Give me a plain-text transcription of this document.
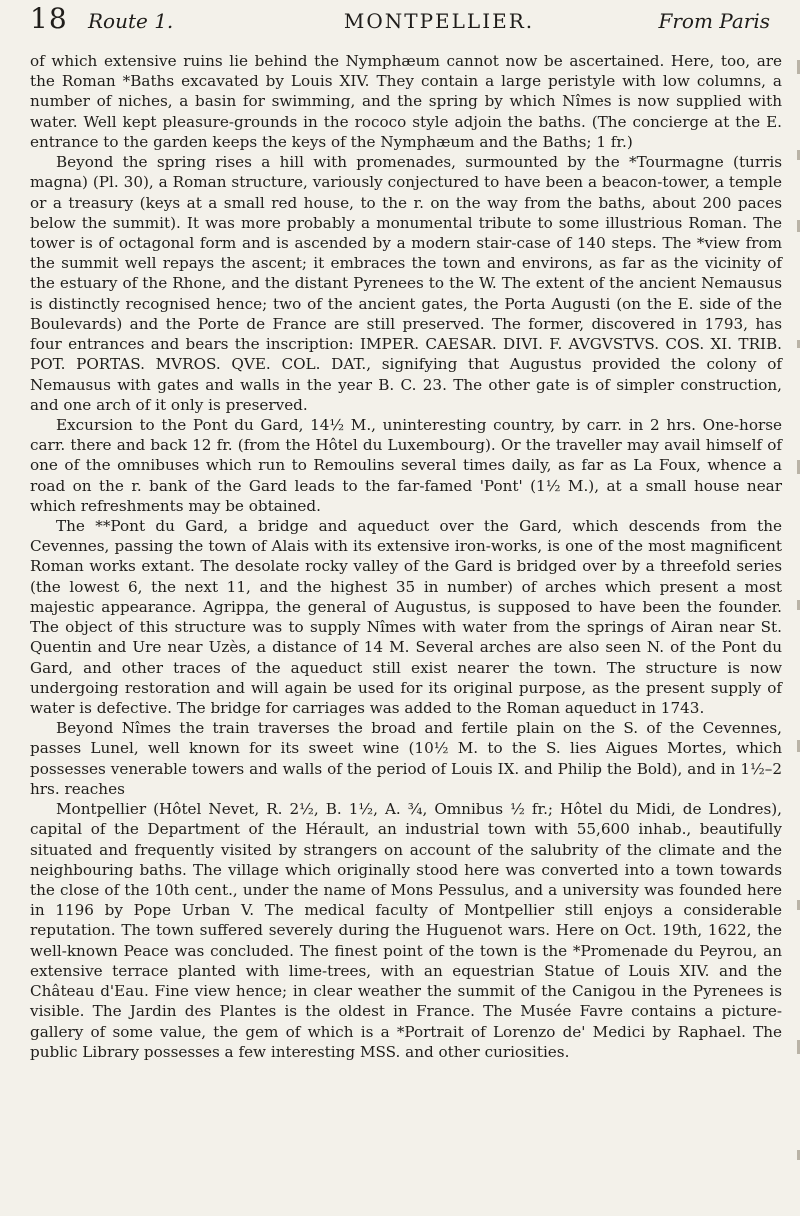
18	Route 1.	MONTPELLIER.	From Paris

of which extensive ruins lie behind the Nymphæum cannot now be ascertained. Here, too, are the Roman *Baths excavated by Louis XIV. They contain a large peristyle with low columns, a number of niches, a basin for swimming, and the spring by which Nîmes is now supplied with water. Well kept pleasure-grounds in the rococo style adjoin the baths. (The concierge at the E. entrance to the garden keeps the keys of the Nymphæum and the Baths; 1 fr.)

Beyond the spring rises a hill with promenades, surmounted by the *Tourmagne (turris magna) (Pl. 30), a Roman structure, variously conjectured to have been a beacon-tower, a temple or a treasury (keys at a small red house, to the r. on the way from the baths, about 200 paces below the summit). It was more probably a monumental tribute to some illustrious Roman. The tower is of octagonal form and is ascended by a modern stair-case of 140 steps. The *view from the summit well repays the ascent; it embraces the town and environs, as far as the vicinity of the estuary of the Rhone, and the distant Pyrenees to the W. The extent of the ancient Nemausus is distinctly recognised hence; two of the ancient gates, the Porta Augusti (on the E. side of the Boulevards) and the Porte de France are still preserved. The former, discovered in 1793, has four entrances and bears the inscription: IMPER. CAESAR. DIVI. F. AVGVSTVS. COS. XI. TRIB. POT. PORTAS. MVROS. QVE. COL. DAT., signifying that Augustus provided the colony of Nemausus with gates and walls in the year B. C. 23. The other gate is of simpler construction, and one arch of it only is preserved.

Excursion to the Pont du Gard, 14½ M., uninteresting country, by carr. in 2 hrs. One-horse carr. there and back 12 fr. (from the Hôtel du Luxembourg). Or the traveller may avail himself of one of the omnibuses which run to Remoulins several times daily, as far as La Foux, whence a road on the r. bank of the Gard leads to the far-famed 'Pont' (1½ M.), at a small house near which refreshments may be obtained.

The **Pont du Gard, a bridge and aqueduct over the Gard, which descends from the Cevennes, passing the town of Alais with its extensive iron-works, is one of the most magnificent Roman works extant. The desolate rocky valley of the Gard is bridged over by a threefold series (the lowest 6, the next 11, and the highest 35 in number) of arches which present a most majestic appearance. Agrippa, the general of Augustus, is supposed to have been the founder. The object of this structure was to supply Nîmes with water from the springs of Airan near St. Quentin and Ure near Uzès, a distance of 14 M. Several arches are also seen N. of the Pont du Gard, and other traces of the aqueduct still exist nearer the town. The structure is now undergoing restoration and will again be used for its original purpose, as the present supply of water is defective. The bridge for carriages was added to the Roman aqueduct in 1743.

Beyond Nîmes the train traverses the broad and fertile plain on the S. of the Cevennes, passes Lunel, well known for its sweet wine (10½ M. to the S. lies Aigues Mortes, which possesses venerable towers and walls of the period of Louis IX. and Philip the Bold), and in 1½–2 hrs. reaches

Montpellier (Hôtel Nevet, R. 2½, B. 1½, A. ¾, Omnibus ½ fr.; Hôtel du Midi, de Londres), capital of the Department of the Hérault, an industrial town with 55,600 inhab., beautifully situated and frequently visited by strangers on account of the salubrity of the climate and the neighbouring baths. The village which originally stood here was converted into a town towards the close of the 10th cent., under the name of Mons Pessulus, and a university was founded here in 1196 by Pope Urban V. The medical faculty of Montpellier still enjoys a considerable reputation. The town suffered severely during the Huguenot wars. Here on Oct. 19th, 1622, the well-known Peace was concluded. The finest point of the town is the *Promenade du Peyrou, an extensive terrace planted with lime-trees, with an equestrian Statue of Louis XIV. and the Château d'Eau. Fine view hence; in clear weather the summit of the Canigou in the Pyrenees is visible. The Jardin des Plantes is the oldest in France. The Musée Favre contains a picture-gallery of some value, the gem of which is a *Portrait of Lorenzo de' Medici by Raphael. The public Library possesses a few interesting MSS. and other curiosities.
